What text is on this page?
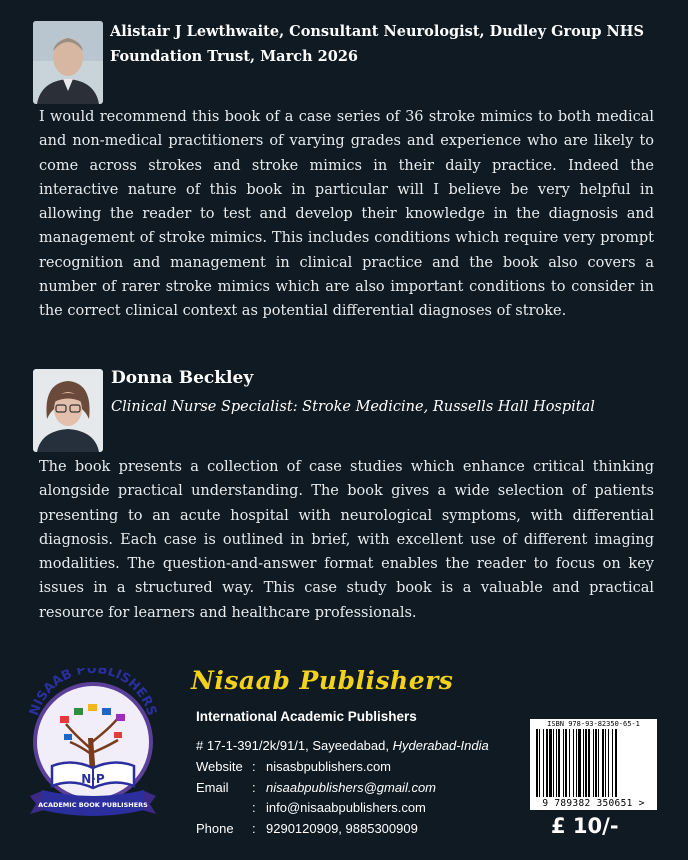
Alistair J Lewthwaite, Consultant Neurologist, Dudley Group NHS Foundation Trust, March 2026
I would recommend this book of a case series of 36 stroke mimics to both medical and non-medical practitioners of varying grades and experience who are likely to come across strokes and stroke mimics in their daily practice. Indeed the interactive nature of this book in particular will I believe be very helpful in allowing the reader to test and develop their knowledge in the diagnosis and management of stroke mimics. This includes conditions which require very prompt recognition and management in clinical practice and the book also covers a number of rarer stroke mimics which are also important conditions to consider in the correct clinical context as potential differential diagnoses of stroke.
Donna Beckley
Clinical Nurse Specialist: Stroke Medicine, Russells Hall Hospital
The book presents a collection of case studies which enhance critical thinking alongside practical understanding. The book gives a wide selection of patients presenting to an acute hospital with neurological symptoms, with differential diagnosis. Each case is outlined in brief, with excellent use of different imaging modalities. The question-and-answer format enables the reader to focus on key issues in a structured way. This case study book is a valuable and practical resource for learners and healthcare professionals.
NISAAB PUBLISHERS
N·P
ACADEMIC BOOK PUBLISHERS
Nisaab Publishers
International Academic Publishers
# 17-1-391/2k/91/1, Sayeedabad, Hyderabad-India
Website : nisasbpublishers.com
Email : nisaabpublishers@gmail.com
: info@nisaabpublishers.com
Phone : 9290120909, 9885300909
ISBN 978-93-82350-65-1
9 789382 350651 >
£ 10/-
